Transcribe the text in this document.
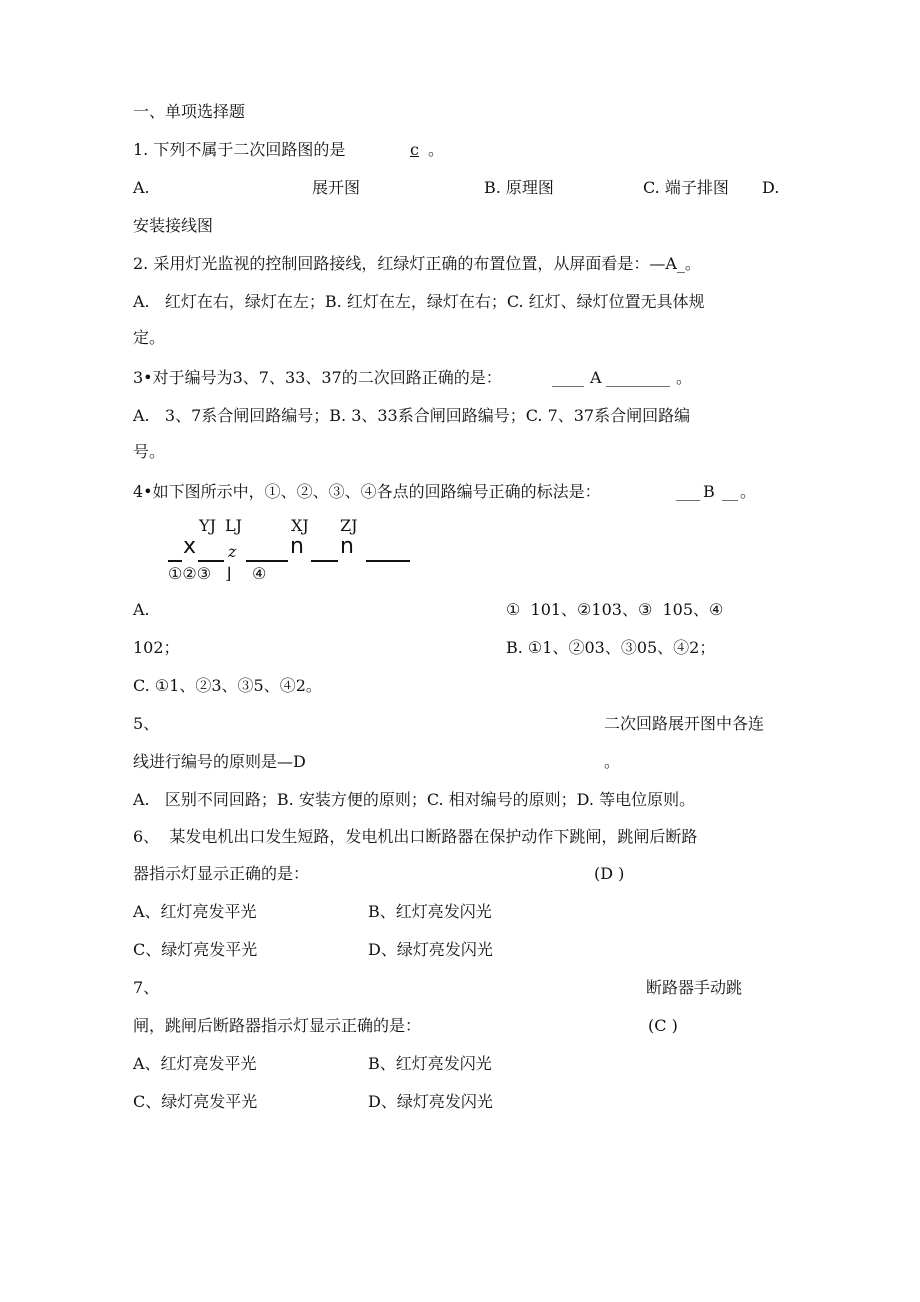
一、单项选择题
1. 下列不属于二次回路图的是	c 。
A.	展开图	B. 原理图	C. 端子排图 D.
安装接线图
2. 采用灯光监视的控制回路接线，红绿灯正确的布置位置，从屏面看是：—A_。
A.   红灯在右，绿灯在左；B. 红灯在左，绿灯在右；C. 红灯、绿灯位置无具体规
定。
3•对于编号为3、7、33、37的二次回路正确的是：	____ A ________ 。
A.   3、7系合闸回路编号；B. 3、33系合闸回路编号；C. 7、37系合闸回路编
号。
4•如下图所示中，①、②、③、④各点的回路编号正确的标法是：	___ B __ 。
YJ LJ	XJ ZJ
x z n n
①②③ ⌋ ④
A.	①  101、②103、③  105、④
102；	B. ①1、②03、③05、④2；
C. ①1、②3、③5、④2。
5、	二次回路展开图中各连
线进行编号的原则是—D	。
A.   区别不同回路；B. 安装方便的原则；C. 相对编号的原则；D. 等电位原则。
6、  某发电机出口发生短路，发电机出口断路器在保护动作下跳闸，跳闸后断路
器指示灯显示正确的是：	(D )
A、红灯亮发平光	B、红灯亮发闪光
C、绿灯亮发平光	D、绿灯亮发闪光
7、	断路器手动跳
闸，跳闸后断路器指示灯显示正确的是：	(C )
A、红灯亮发平光	B、红灯亮发闪光
C、绿灯亮发平光	D、绿灯亮发闪光
